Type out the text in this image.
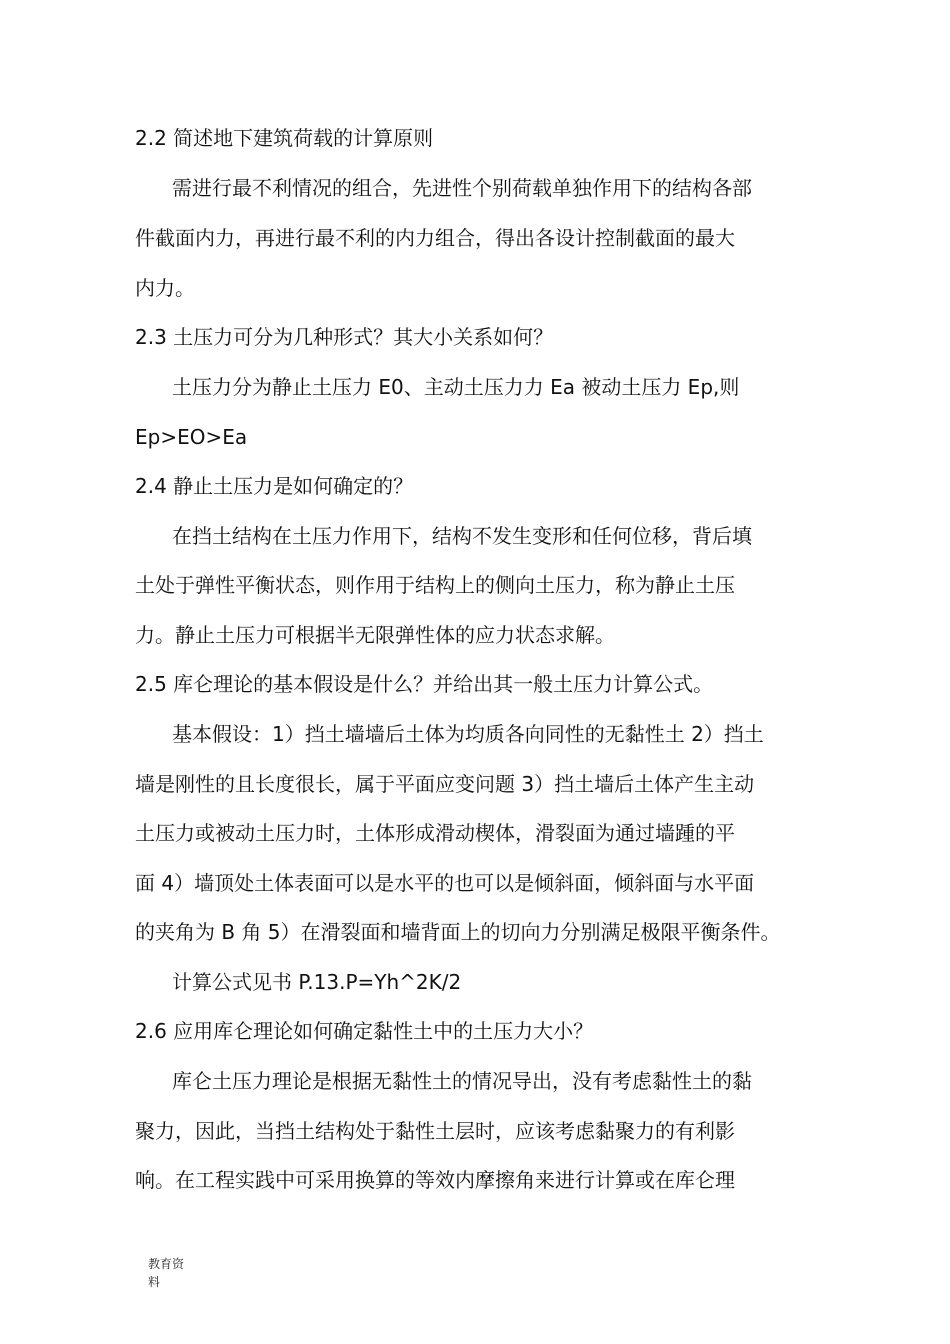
2.2 简述地下建筑荷载的计算原则
需进行最不利情况的组合，先进性个别荷载单独作用下的结构各部
件截面内力，再进行最不利的内力组合，得出各设计控制截面的最大
内力。
2.3 土压力可分为几种形式？其大小关系如何？
土压力分为静止土压力 E0、主动土压力力 Ea 被动土压力 Ep,则
Ep>EO>Ea
2.4 静止土压力是如何确定的？
在挡土结构在土压力作用下，结构不发生变形和任何位移，背后填
土处于弹性平衡状态，则作用于结构上的侧向土压力，称为静止土压
力。静止土压力可根据半无限弹性体的应力状态求解。
2.5 库仑理论的基本假设是什么？并给出其一般土压力计算公式。
基本假设：1）挡土墙墙后土体为均质各向同性的无黏性土 2）挡土
墙是刚性的且长度很长，属于平面应变问题 3）挡土墙后土体产生主动
土压力或被动土压力时，土体形成滑动楔体，滑裂面为通过墙踵的平
面 4）墙顶处土体表面可以是水平的也可以是倾斜面，倾斜面与水平面
的夹角为 B 角 5）在滑裂面和墙背面上的切向力分别满足极限平衡条件。
计算公式见书 P.13.P=Yh^2K/2
2.6 应用库仑理论如何确定黏性土中的土压力大小？
库仑土压力理论是根据无黏性土的情况导出，没有考虑黏性土的黏
聚力，因此，当挡土结构处于黏性土层时，应该考虑黏聚力的有利影
响。在工程实践中可采用换算的等效内摩擦角来进行计算或在库仑理
教育资
料
